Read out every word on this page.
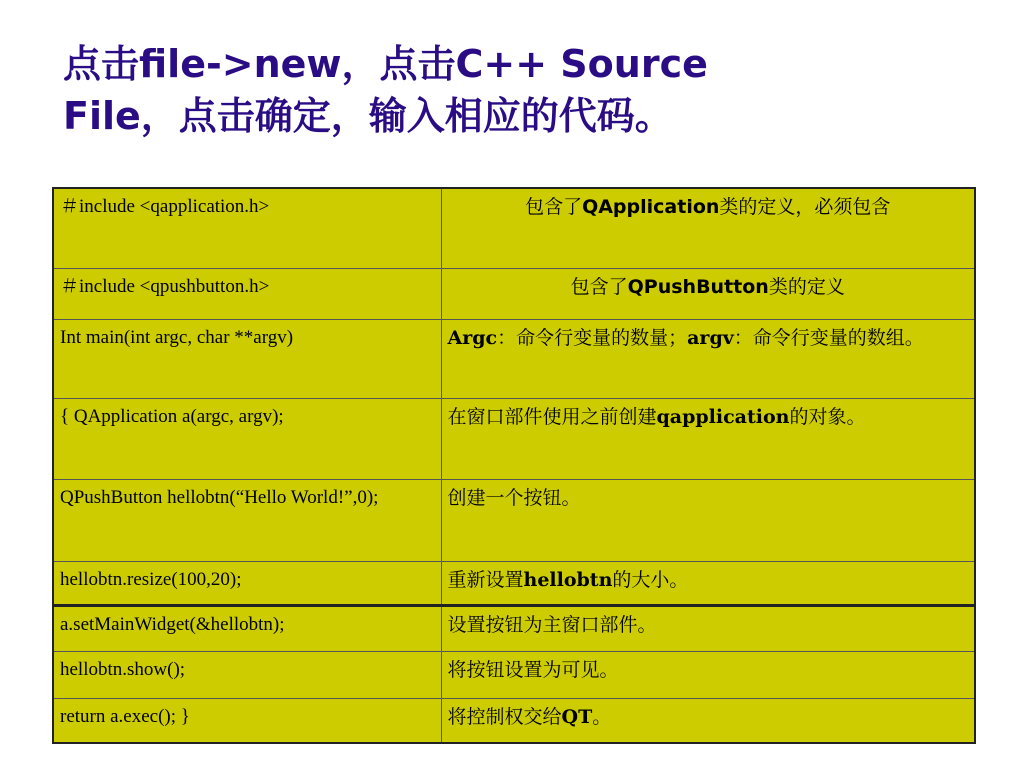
点击file->new，点击C++ Source
File，点击确定，输入相应的代码。
＃include <qapplication.h>	包含了QApplication类的定义，必须包含
＃include <qpushbutton.h>	包含了QPushButton类的定义
Int main(int argc, char **argv)	Argc：命令行变量的数量；argv：命令行变量的数组。
{ QApplication a(argc, argv);	在窗口部件使用之前创建qapplication的对象。
QPushButton hellobtn(“Hello World!”,0);	创建一个按钮。
hellobtn.resize(100,20);	重新设置hellobtn的大小。
a.setMainWidget(&hellobtn);	设置按钮为主窗口部件。
hellobtn.show();	将按钮设置为可见。
return a.exec(); }	将控制权交给QT。
